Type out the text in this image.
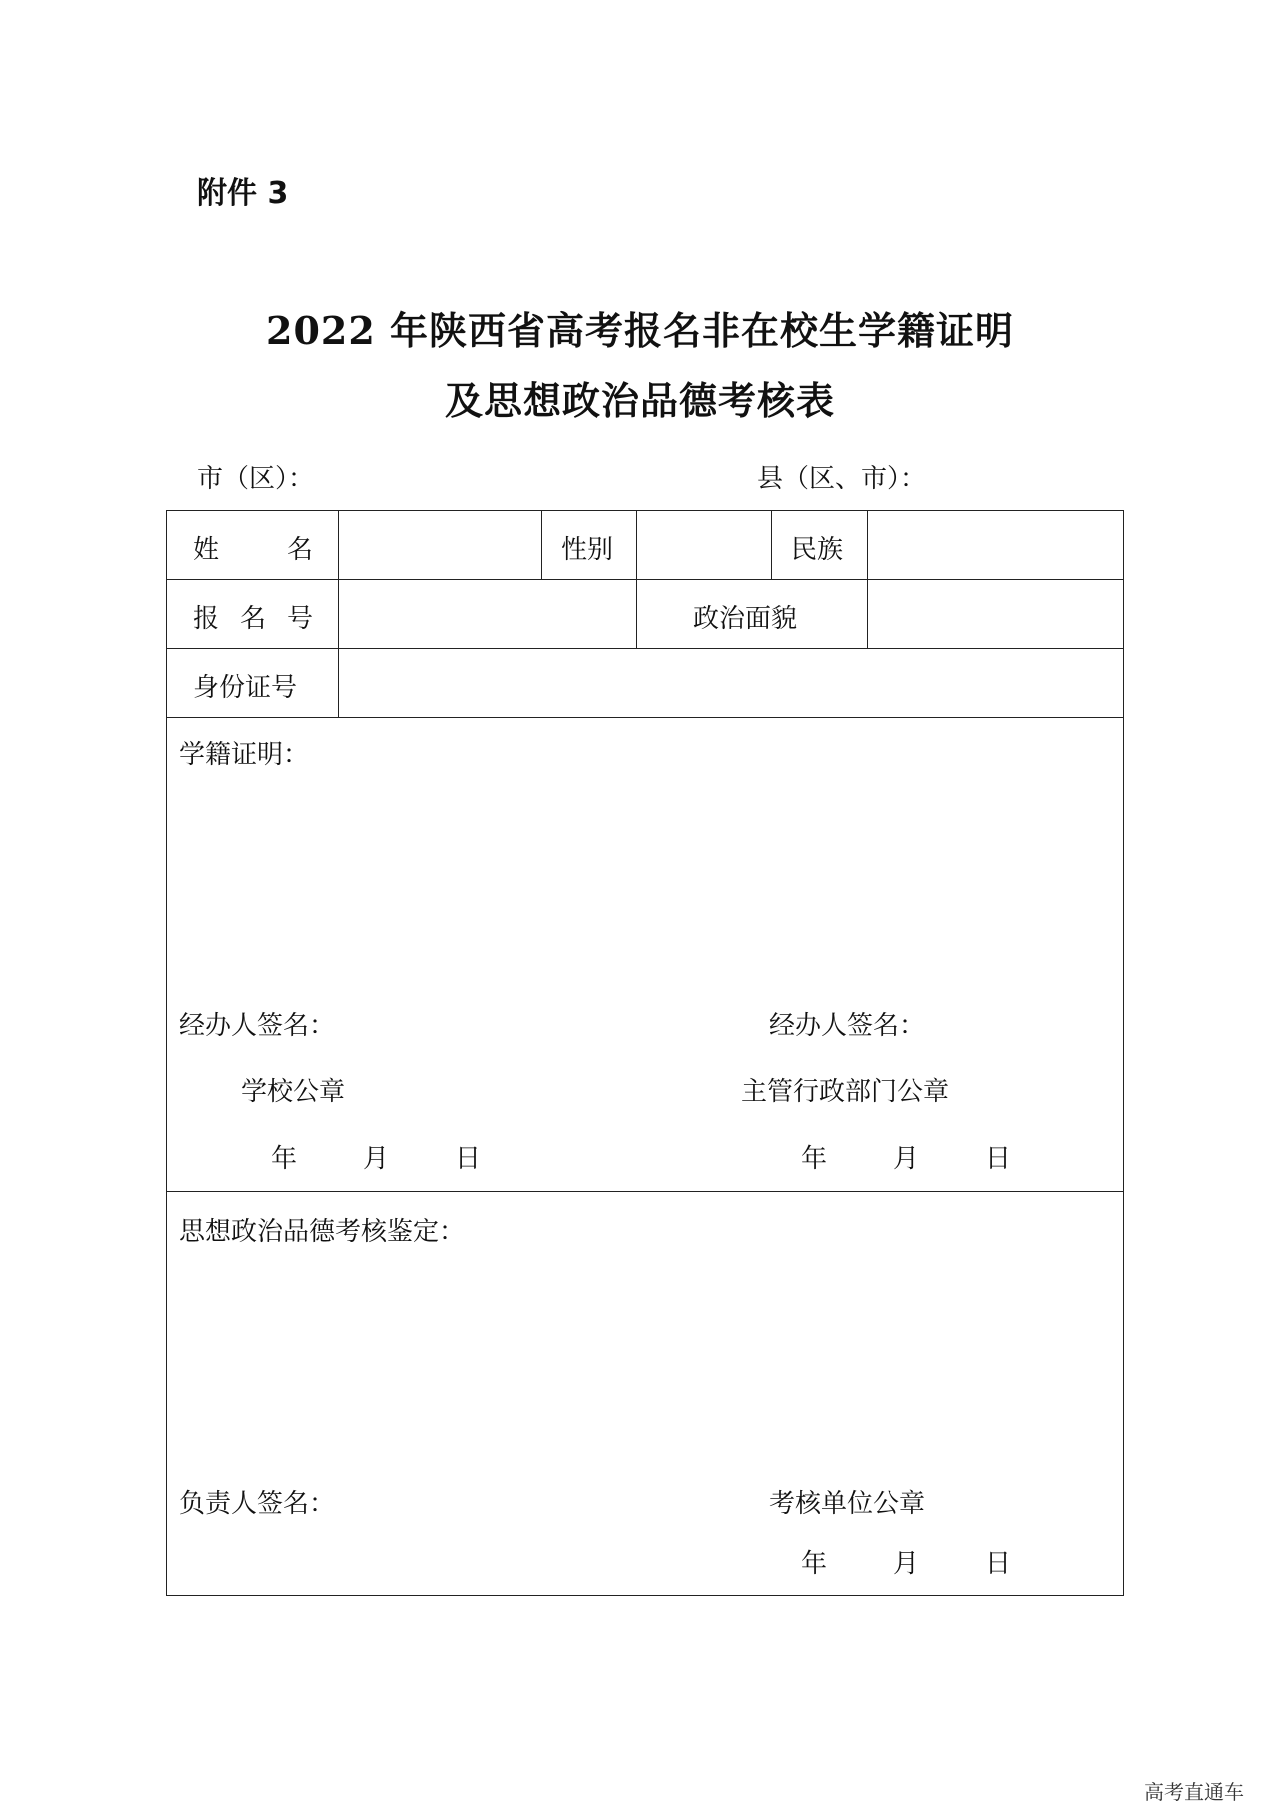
附件 3
2022 年陕西省高考报名非在校生学籍证明
及思想政治品德考核表
市（区）：	县（区、市）：
姓 名	性别	民族
报 名 号	政治面貌
身份证号
学籍证明：
经办人签名：	经办人签名：
学校公章	主管行政部门公章
年	月	日	年	月	日
思想政治品德考核鉴定：
负责人签名：	考核单位公章
年	月	日
高考直通车
